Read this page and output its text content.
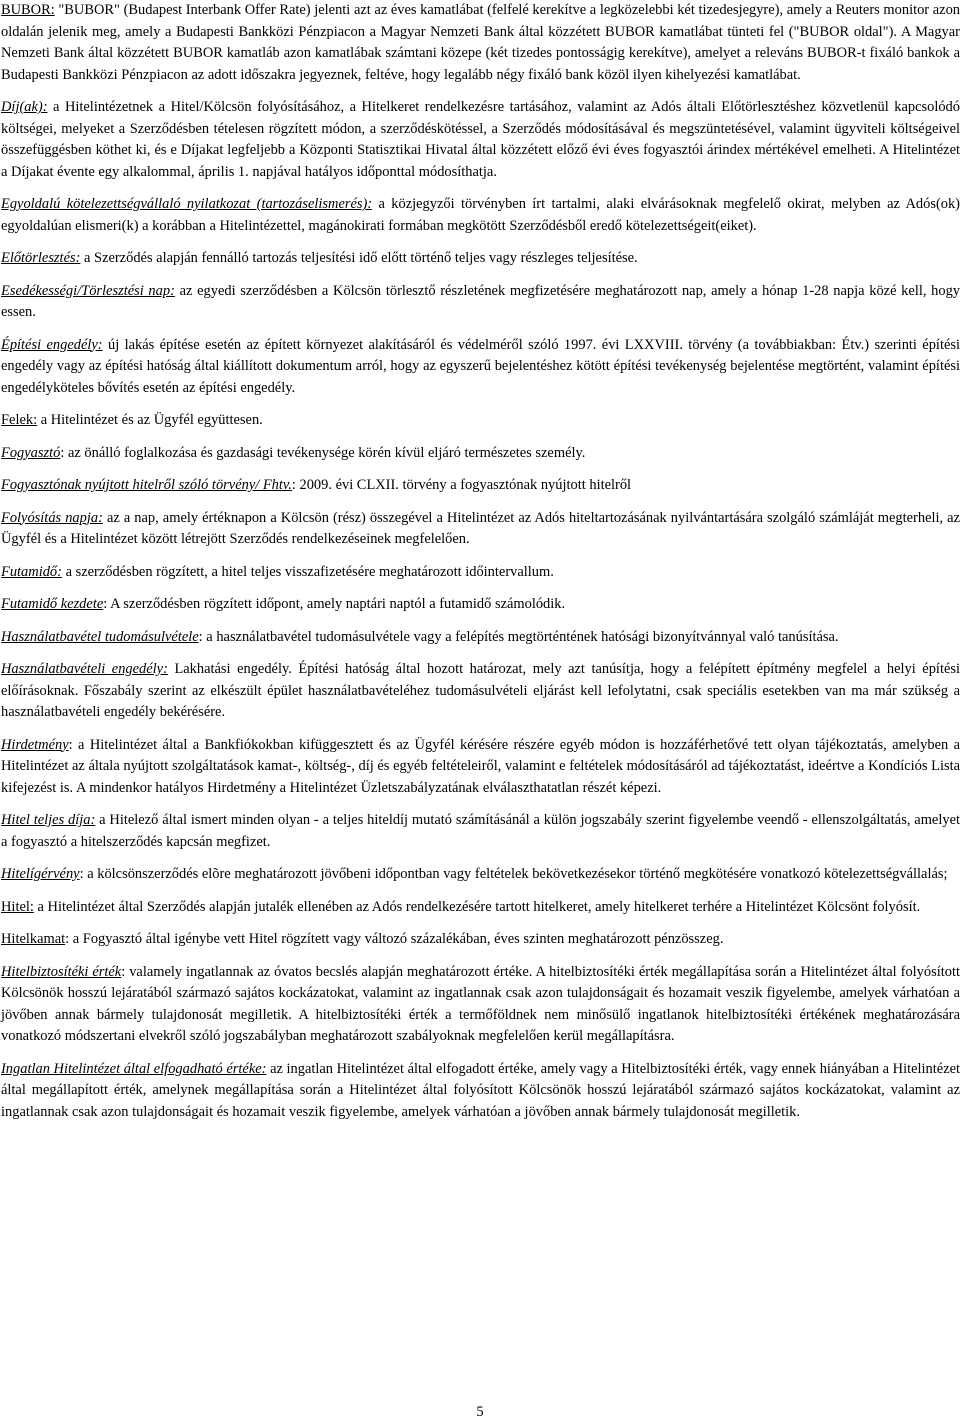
BUBOR: "BUBOR" (Budapest Interbank Offer Rate) jelenti azt az éves kamatlábat (felfelé kerekítve a legközelebbi két tizedesjegyre), amely a Reuters monitor azon oldalán jelenik meg, amely a Budapesti Bankközi Pénzpiacon a Magyar Nemzeti Bank által közzétett BUBOR kamatlábat tünteti fel ("BUBOR oldal"). A Magyar Nemzeti Bank által közzétett BUBOR kamatláb azon kamatlábak számtani közepe (két tizedes pontosságig kerekítve), amelyet a releváns BUBOR-t fixáló bankok a Budapesti Bankközi Pénzpiacon az adott időszakra jegyeznek, feltéve, hogy legalább négy fixáló bank közöl ilyen kihelyezési kamatlábat.

Díj(ak): a Hitelintézetnek a Hitel/Kölcsön folyósításához, a Hitelkeret rendelkezésre tartásához, valamint az Adós általi Előtörlesztéshez közvetlenül kapcsolódó költségei, melyeket a Szerződésben tételesen rögzített módon, a szerződéskötéssel, a Szerződés módosításával és megszüntetésével, valamint ügyviteli költségeivel összefüggésben köthet ki, és e Díjakat legfeljebb a Központi Statisztikai Hivatal által közzétett előző évi éves fogyasztói árindex mértékével emelheti. A Hitelintézet a Díjakat évente egy alkalommal, április 1. napjával hatályos időponttal módosíthatja.

Egyoldalú kötelezettségvállaló nyilatkozat (tartozáselismerés): a közjegyzői törvényben írt tartalmi, alaki elvárásoknak megfelelő okirat, melyben az Adós(ok) egyoldalúan elismeri(k) a korábban a Hitelintézettel, magánokirati formában megkötött Szerződésből eredő kötelezettségeit(eiket).

Előtörlesztés: a Szerződés alapján fennálló tartozás teljesítési idő előtt történő teljes vagy részleges teljesítése.

Esedékességi/Törlesztési nap: az egyedi szerződésben a Kölcsön törlesztő részletének megfizetésére meghatározott nap, amely a hónap 1-28 napja közé kell, hogy essen.

Építési engedély: új lakás építése esetén az épített környezet alakításáról és védelméről szóló 1997. évi LXXVIII. törvény (a továbbiakban: Étv.) szerinti építési engedély vagy az építési hatóság által kiállított dokumentum arról, hogy az egyszerű bejelentéshez kötött építési tevékenység bejelentése megtörtént, valamint építési engedélyköteles bővítés esetén az építési engedély.

Felek: a Hitelintézet és az Ügyfél együttesen.

Fogyasztó: az önálló foglalkozása és gazdasági tevékenysége körén kívül eljáró természetes személy.

Fogyasztónak nyújtott hitelről szóló törvény/ Fhtv.: 2009. évi CLXII. törvény a fogyasztónak nyújtott hitelről

Folyósítás napja: az a nap, amely értéknapon a Kölcsön (rész) összegével a Hitelintézet az Adós hiteltartozásának nyilvántartására szolgáló számláját megterheli, az Ügyfél és a Hitelintézet között létrejött Szerződés rendelkezéseinek megfelelően.

Futamidő: a szerződésben rögzített, a hitel teljes visszafizetésére meghatározott időintervallum.

Futamidő kezdete: A szerződésben rögzített időpont, amely naptári naptól a futamidő számolódik.

Használatbavétel tudomásulvétele: a használatbavétel tudomásulvétele vagy a felépítés megtörténtének hatósági bizonyítvánnyal való tanúsítása.

Használatbavételi engedély: Lakhatási engedély. Építési hatóság által hozott határozat, mely azt tanúsítja, hogy a felépített építmény megfelel a helyi építési előírásoknak. Főszabály szerint az elkészült épület használatbavételéhez tudomásulvételi eljárást kell lefolytatni, csak speciális esetekben van ma már szükség a használatbavételi engedély bekérésére.

Hirdetmény: a Hitelintézet által a Bankfiókokban kifüggesztett és az Ügyfél kérésére részére egyéb módon is hozzáférhetővé tett olyan tájékoztatás, amelyben a Hitelintézet az általa nyújtott szolgáltatások kamat-, költség-, díj és egyéb feltételeiről, valamint e feltételek módosításáról ad tájékoztatást, ideértve a Kondíciós Lista kifejezést is. A mindenkor hatályos Hirdetmény a Hitelintézet Üzletszabályzatának elválaszthatatlan részét képezi.

Hitel teljes díja: a Hitelező által ismert minden olyan - a teljes hiteldíj mutató számításánál a külön jogszabály szerint figyelembe veendő - ellenszolgáltatás, amelyet a fogyasztó a hitelszerződés kapcsán megfizet.

Hitelígérvény: a kölcsönszerződés elõre meghatározott jövőbeni időpontban vagy feltételek bekövetkezésekor történő megkötésére vonatkozó kötelezettségvállalás;

Hitel: a Hitelintézet által Szerződés alapján jutalék ellenében az Adós rendelkezésére tartott hitelkeret, amely hitelkeret terhére a Hitelintézet Kölcsönt folyósít.

Hitelkamat: a Fogyasztó által igénybe vett Hitel rögzített vagy változó százalékában, éves szinten meghatározott pénzösszeg.

Hitelbiztosítéki érték: valamely ingatlannak az óvatos becslés alapján meghatározott értéke. A hitelbiztosítéki érték megállapítása során a Hitelintézet által folyósított Kölcsönök hosszú lejáratából származó sajátos kockázatokat, valamint az ingatlannak csak azon tulajdonságait és hozamait veszik figyelembe, amelyek várhatóan a jövőben annak bármely tulajdonosát megilletik. A hitelbiztosítéki érték a termőföldnek nem minősülő ingatlanok hitelbiztosítéki értékének meghatározására vonatkozó módszertani elvekről szóló jogszabályban meghatározott szabályoknak megfelelően kerül megállapításra.

Ingatlan Hitelintézet által elfogadható értéke: az ingatlan Hitelintézet által elfogadott értéke, amely vagy a Hitelbiztosítéki érték, vagy ennek hiányában a Hitelintézet által megállapított érték, amelynek megállapítása során a Hitelintézet által folyósított Kölcsönök hosszú lejáratából származó sajátos kockázatokat, valamint az ingatlannak csak azon tulajdonságait és hozamait veszik figyelembe, amelyek várhatóan a jövőben annak bármely tulajdonosát megilletik.

5
